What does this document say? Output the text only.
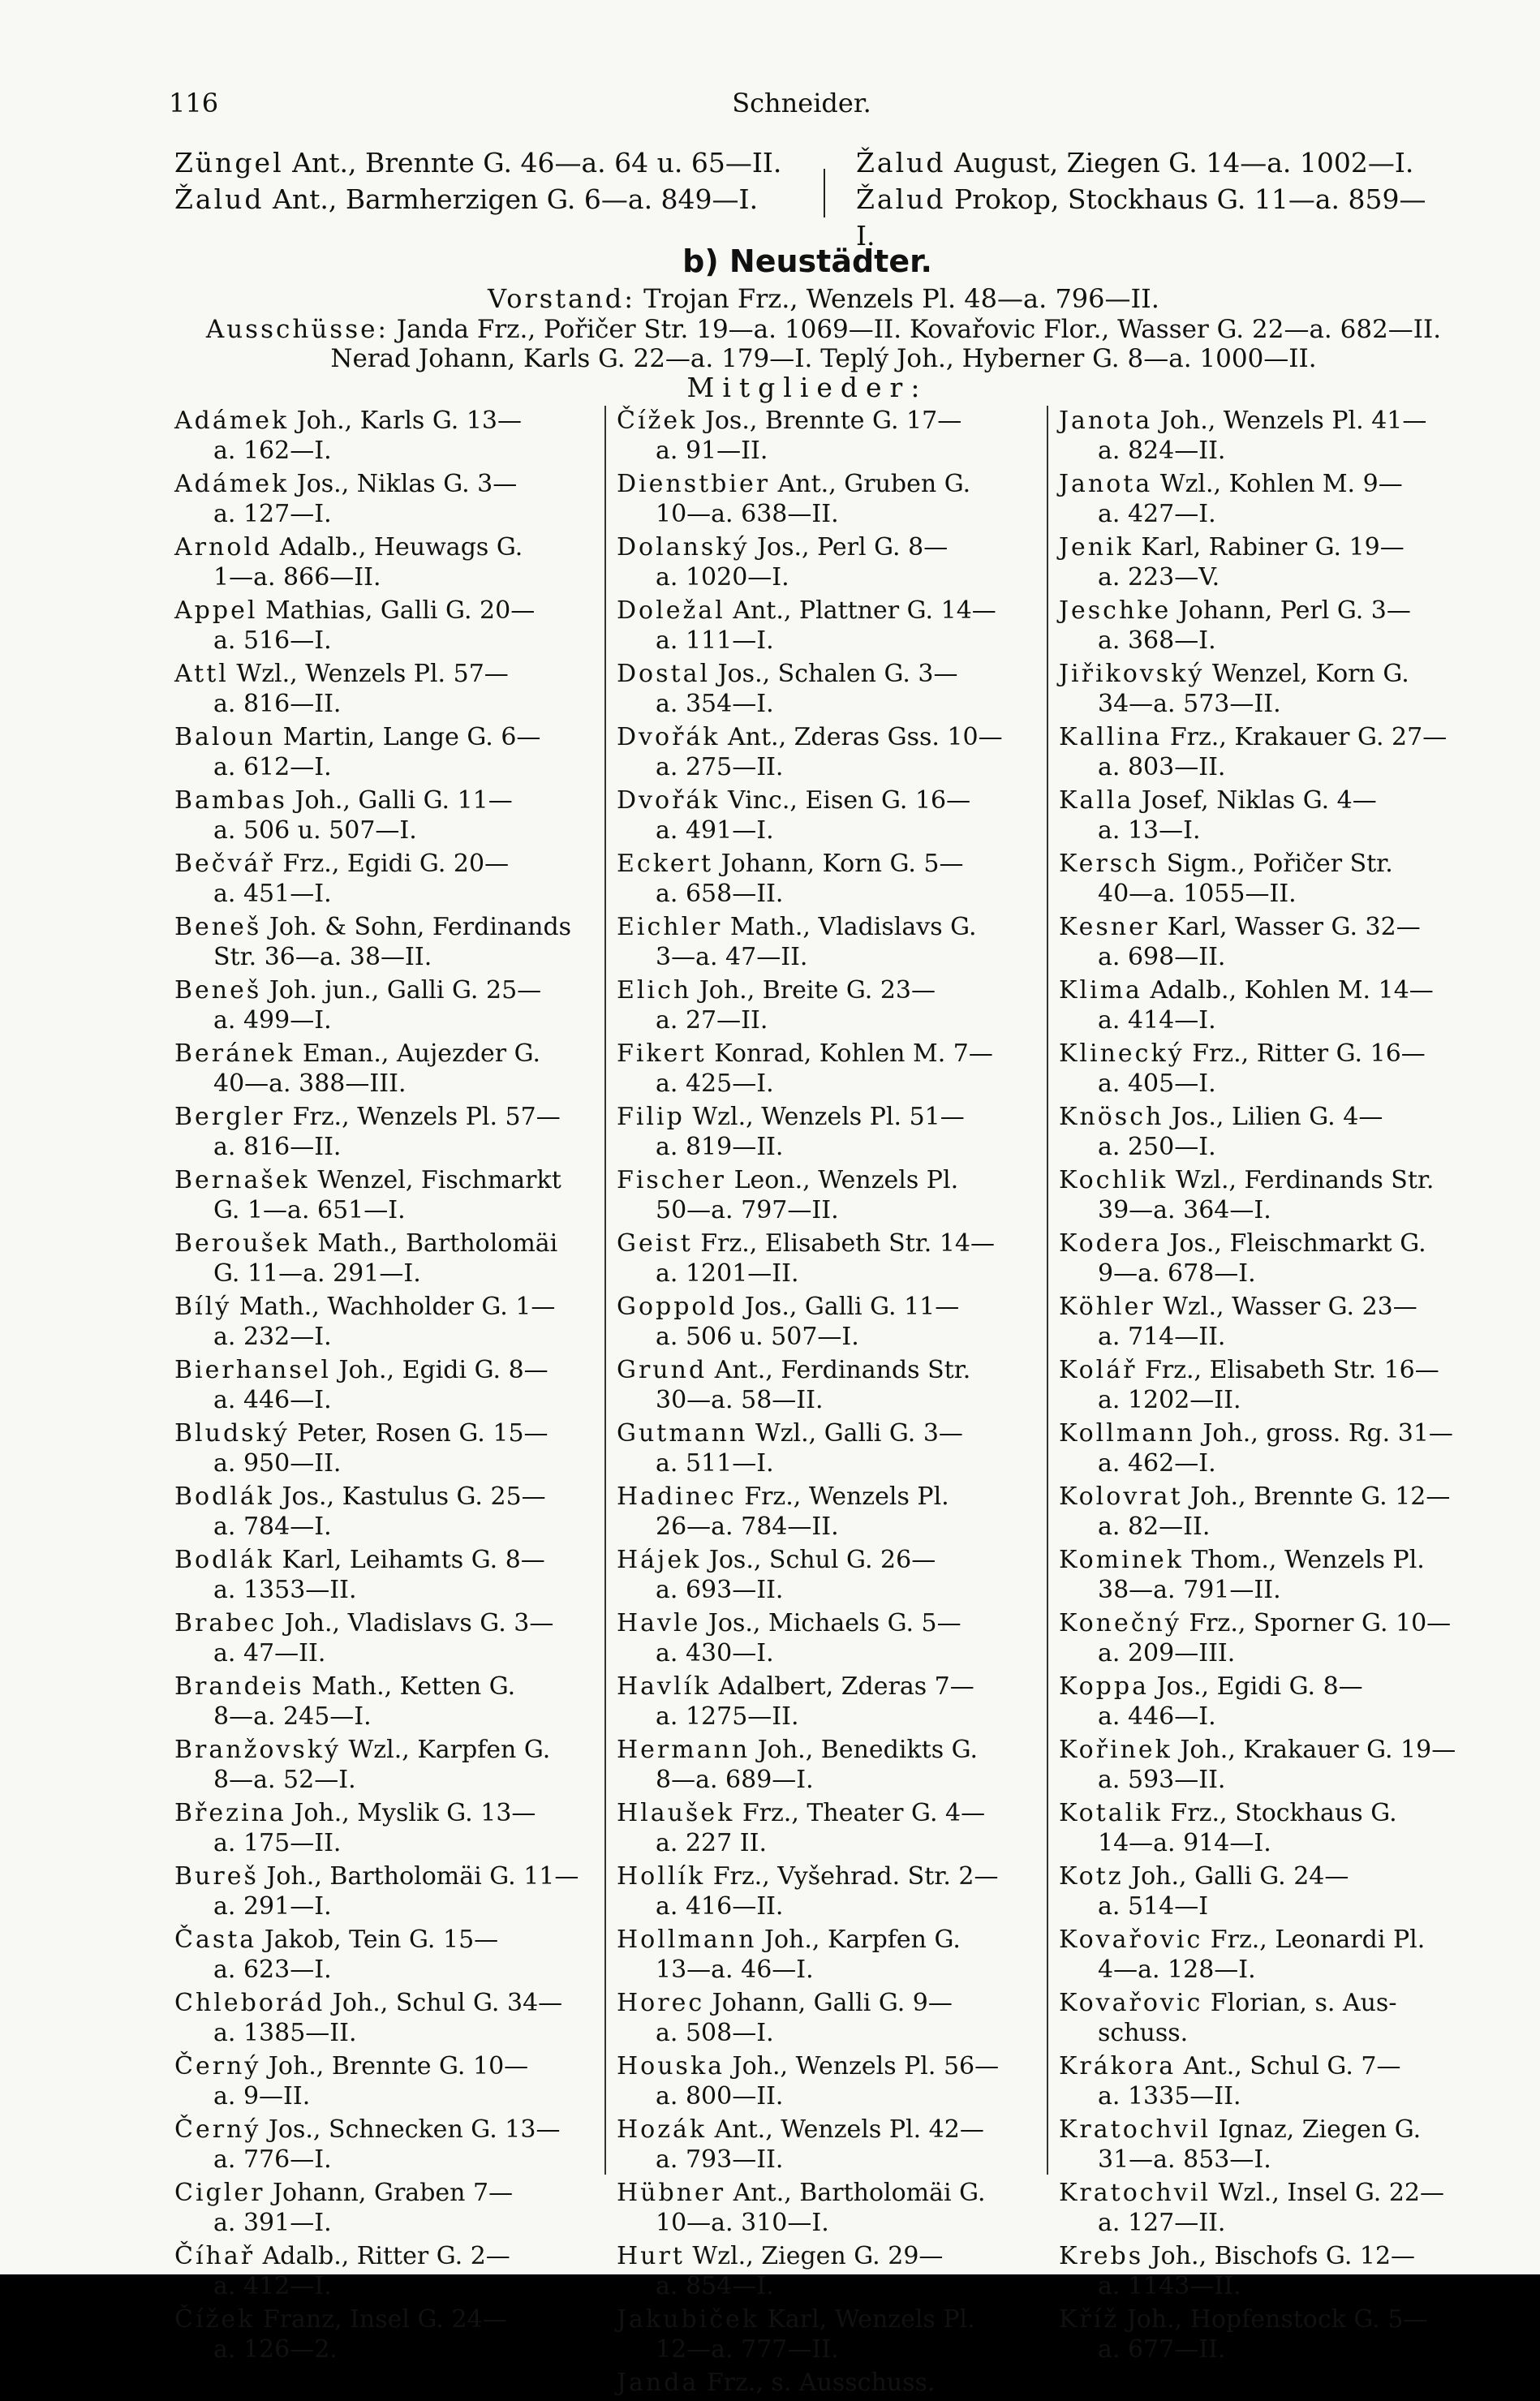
116	Schneider.
Züngel Ant., Brennte G. 46—a. 64 u. 65—II.
Žalud Ant., Barmherzigen G. 6—a. 849—I.
Žalud August, Ziegen G. 14—a. 1002—I.
Žalud Prokop, Stockhaus G. 11—a. 859—I.
b) Neustädter.
Vorstand: Trojan Frz., Wenzels Pl. 48—a. 796—II.
Ausschüsse: Janda Frz., Pořičer Str. 19—a. 1069—II. Kovařovic Flor., Wasser G. 22—a. 682—II.
Nerad Johann, Karls G. 22—a. 179—I. Teplý Joh., Hyberner G. 8—a. 1000—II.
Mitglieder:
Adámek Joh., Karls G. 13—
a. 162—I.
Adámek Jos., Niklas G. 3—
a. 127—I.
Arnold Adalb., Heuwags G.
1—a. 866—II.
Appel Mathias, Galli G. 20—
a. 516—I.
Attl Wzl., Wenzels Pl. 57—
a. 816—II.
Baloun Martin, Lange G. 6—
a. 612—I.
Bambas Joh., Galli G. 11—
a. 506 u. 507—I.
Bečvář Frz., Egidi G. 20—
a. 451—I.
Beneš Joh. & Sohn, Ferdinands
Str. 36—a. 38—II.
Beneš Joh. jun., Galli G. 25—
a. 499—I.
Beránek Eman., Aujezder G.
40—a. 388—III.
Bergler Frz., Wenzels Pl. 57—
a. 816—II.
Bernašek Wenzel, Fischmarkt
G. 1—a. 651—I.
Beroušek Math., Bartholomäi
G. 11—a. 291—I.
Bílý Math., Wachholder G. 1—
a. 232—I.
Bierhansel Joh., Egidi G. 8—
a. 446—I.
Bludský Peter, Rosen G. 15—
a. 950—II.
Bodlák Jos., Kastulus G. 25—
a. 784—I.
Bodlák Karl, Leihamts G. 8—
a. 1353—II.
Brabec Joh., Vladislavs G. 3—
a. 47—II.
Brandeis Math., Ketten G.
8—a. 245—I.
Branžovský Wzl., Karpfen G.
8—a. 52—I.
Březina Joh., Myslik G. 13—
a. 175—II.
Bureš Joh., Bartholomäi G. 11—
a. 291—I.
Časta Jakob, Tein G. 15—
a. 623—I.
Chleborád Joh., Schul G. 34—
a. 1385—II.
Černý Joh., Brennte G. 10—
a. 9—II.
Černý Jos., Schnecken G. 13—
a. 776—I.
Cigler Johann, Graben 7—
a. 391—I.
Číhař Adalb., Ritter G. 2—
a. 412—I.
Čížek Franz, Insel G. 24—
a. 126—2.
Čížek Jos., Brennte G. 17—
a. 91—II.
Dienstbier Ant., Gruben G.
10—a. 638—II.
Dolanský Jos., Perl G. 8—
a. 1020—I.
Doležal Ant., Plattner G. 14—
a. 111—I.
Dostal Jos., Schalen G. 3—
a. 354—I.
Dvořák Ant., Zderas Gss. 10—
a. 275—II.
Dvořák Vinc., Eisen G. 16—
a. 491—I.
Eckert Johann, Korn G. 5—
a. 658—II.
Eichler Math., Vladislavs G.
3—a. 47—II.
Elich Joh., Breite G. 23—
a. 27—II.
Fikert Konrad, Kohlen M. 7—
a. 425—I.
Filip Wzl., Wenzels Pl. 51—
a. 819—II.
Fischer Leon., Wenzels Pl.
50—a. 797—II.
Geist Frz., Elisabeth Str. 14—
a. 1201—II.
Goppold Jos., Galli G. 11—
a. 506 u. 507—I.
Grund Ant., Ferdinands Str.
30—a. 58—II.
Gutmann Wzl., Galli G. 3—
a. 511—I.
Hadinec Frz., Wenzels Pl.
26—a. 784—II.
Hájek Jos., Schul G. 26—
a. 693—II.
Havle Jos., Michaels G. 5—
a. 430—I.
Havlík Adalbert, Zderas 7—
a. 1275—II.
Hermann Joh., Benedikts G.
8—a. 689—I.
Hlaušek Frz., Theater G. 4—
a. 227 II.
Hollík Frz., Vyšehrad. Str. 2—
a. 416—II.
Hollmann Joh., Karpfen G.
13—a. 46—I.
Horec Johann, Galli G. 9—
a. 508—I.
Houska Joh., Wenzels Pl. 56—
a. 800—II.
Hozák Ant., Wenzels Pl. 42—
a. 793—II.
Hübner Ant., Bartholomäi G.
10—a. 310—I.
Hurt Wzl., Ziegen G. 29—
a. 854—I.
Jakubiček Karl, Wenzels Pl.
12—a. 777—II.
Janda Frz., s. Ausschuss.
Janota Joh., Wenzels Pl. 41—
a. 824—II.
Janota Wzl., Kohlen M. 9—
a. 427—I.
Jenik Karl, Rabiner G. 19—
a. 223—V.
Jeschke Johann, Perl G. 3—
a. 368—I.
Jiřikovský Wenzel, Korn G.
34—a. 573—II.
Kallina Frz., Krakauer G. 27—
a. 803—II.
Kalla Josef, Niklas G. 4—
a. 13—I.
Kersch Sigm., Pořičer Str.
40—a. 1055—II.
Kesner Karl, Wasser G. 32—
a. 698—II.
Klima Adalb., Kohlen M. 14—
a. 414—I.
Klinecký Frz., Ritter G. 16—
a. 405—I.
Knösch Jos., Lilien G. 4—
a. 250—I.
Kochlik Wzl., Ferdinands Str.
39—a. 364—I.
Kodera Jos., Fleischmarkt G.
9—a. 678—I.
Köhler Wzl., Wasser G. 23—
a. 714—II.
Kolář Frz., Elisabeth Str. 16—
a. 1202—II.
Kollmann Joh., gross. Rg. 31—
a. 462—I.
Kolovrat Joh., Brennte G. 12—
a. 82—II.
Kominek Thom., Wenzels Pl.
38—a. 791—II.
Konečný Frz., Sporner G. 10—
a. 209—III.
Koppa Jos., Egidi G. 8—
a. 446—I.
Kořinek Joh., Krakauer G. 19—
a. 593—II.
Kotalik Frz., Stockhaus G.
14—a. 914—I.
Kotz Joh., Galli G. 24—
a. 514—I
Kovařovic Frz., Leonardi Pl.
4—a. 128—I.
Kovařovic Florian, s. Aus-
schuss.
Krákora Ant., Schul G. 7—
a. 1335—II.
Kratochvil Ignaz, Ziegen G.
31—a. 853—I.
Kratochvil Wzl., Insel G. 22—
a. 127—II.
Krebs Joh., Bischofs G. 12—
a. 1143—II.
Kříž Joh., Hopfenstock G. 5—
a. 677—II.
